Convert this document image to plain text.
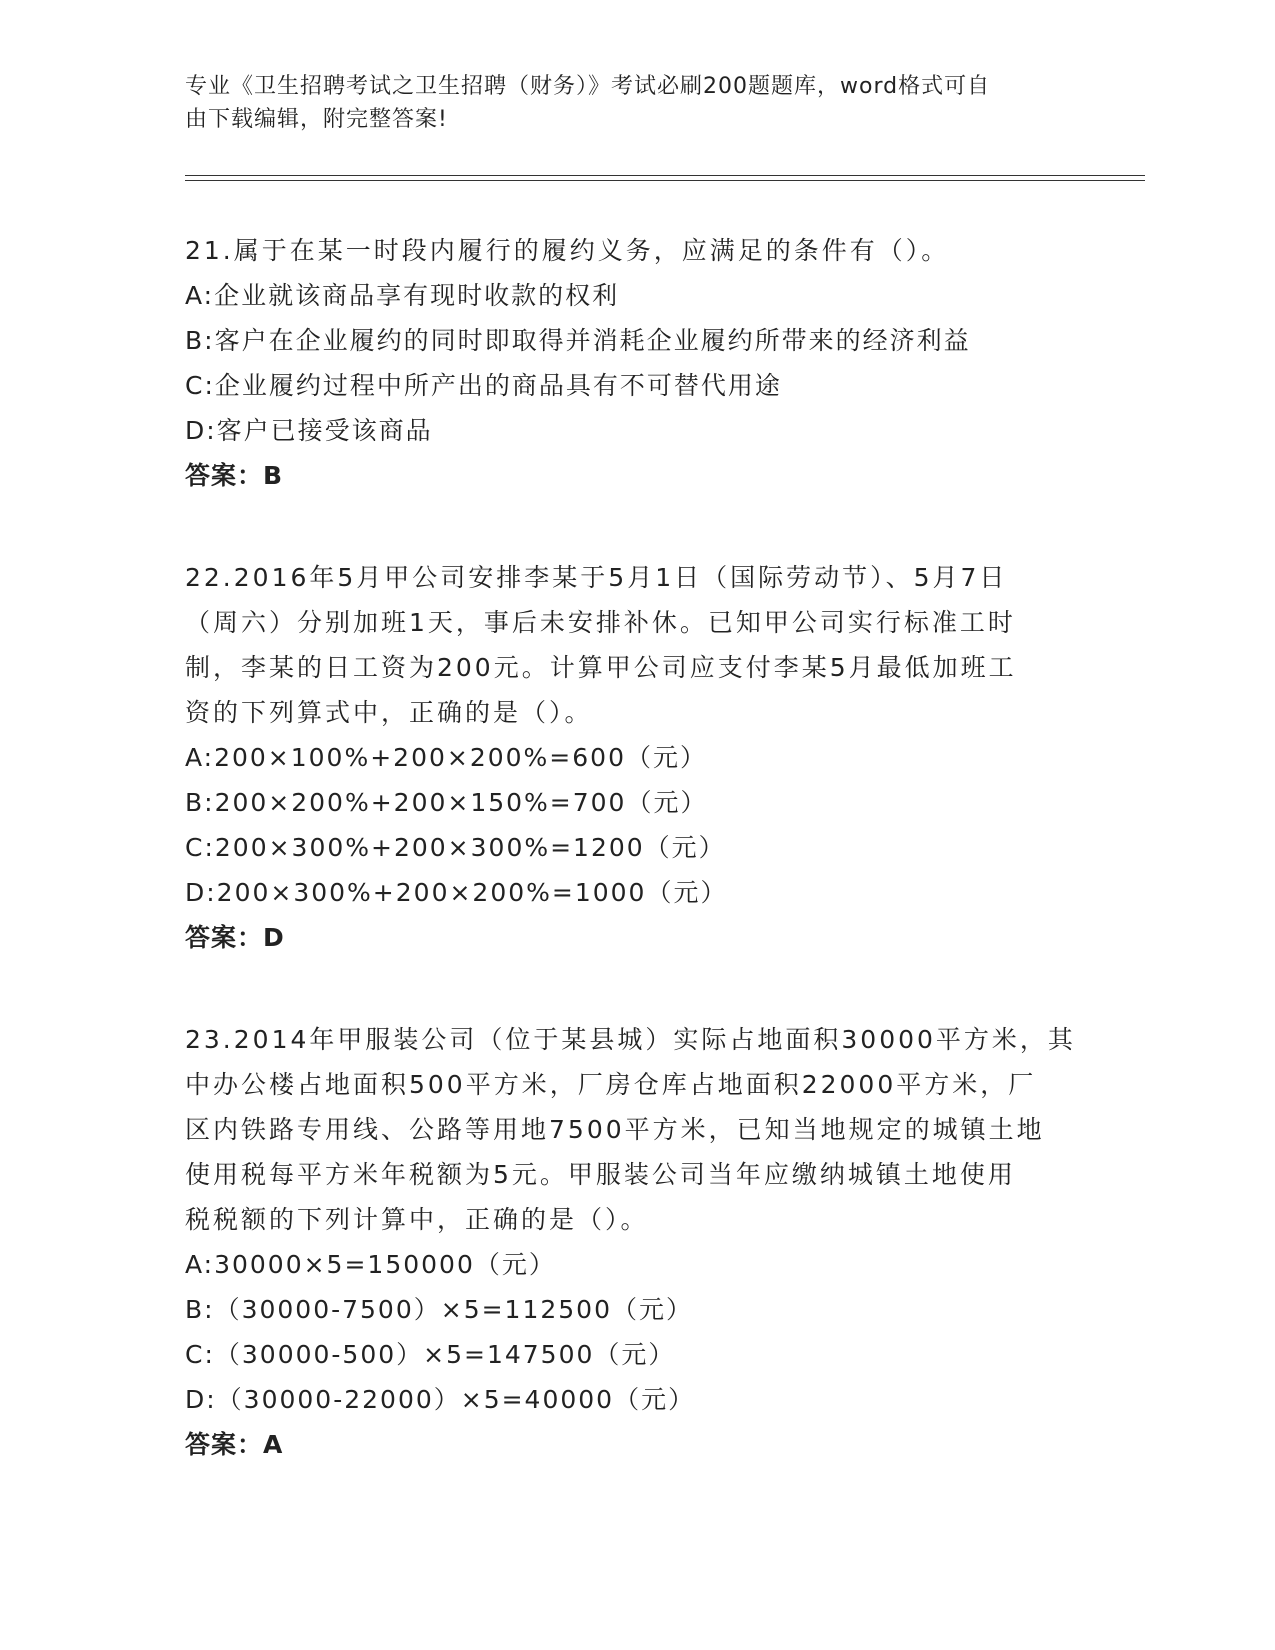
专业《卫生招聘考试之卫生招聘（财务）》考试必刷200题题库，word格式可自
由下载编辑，附完整答案!

21.属于在某一时段内履行的履约义务，应满足的条件有（）。

A:企业就该商品享有现时收款的权利

B:客户在企业履约的同时即取得并消耗企业履约所带来的经济利益

C:企业履约过程中所产出的商品具有不可替代用途

D:客户已接受该商品

答案：B

22.2016年5月甲公司安排李某于5月1日（国际劳动节）、5月7日

（周六）分别加班1天，事后未安排补休。已知甲公司实行标准工时

制，李某的日工资为200元。计算甲公司应支付李某5月最低加班工

资的下列算式中，正确的是（）。

A:200×100%+200×200%=600（元）

B:200×200%+200×150%=700（元）

C:200×300%+200×300%=1200（元）

D:200×300%+200×200%=1000（元）

答案：D

23.2014年甲服装公司（位于某县城）实际占地面积30000平方米，其

中办公楼占地面积500平方米，厂房仓库占地面积22000平方米，厂

区内铁路专用线、公路等用地7500平方米，已知当地规定的城镇土地

使用税每平方米年税额为5元。甲服装公司当年应缴纳城镇土地使用

税税额的下列计算中，正确的是（）。

A:30000×5=150000（元）

B:（30000-7500）×5=112500（元）

C:（30000-500）×5=147500（元）

D:（30000-22000）×5=40000（元）

答案：A
